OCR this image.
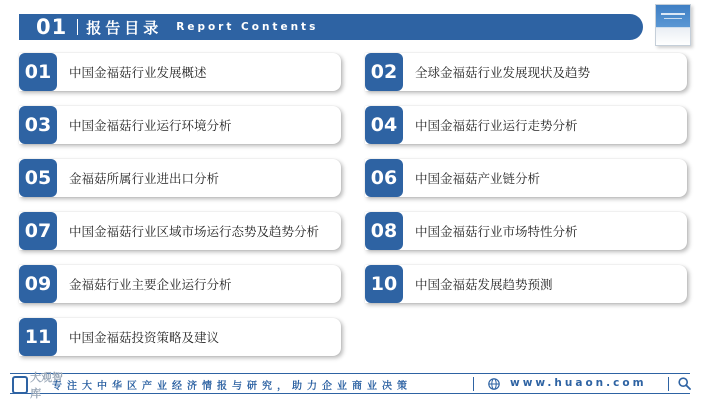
01 报告目录 Report Contents
01	中国金福菇行业发展概述	02	全球金福菇行业发展现状及趋势
03	中国金福菇行业运行环境分析	04	中国金福菇行业运行走势分析
05	金福菇所属行业进出口分析	06	中国金福菇产业链分析
07	中国金福菇行业区域市场运行态势及趋势分析	08	中国金福菇行业市场特性分析
09	金福菇行业主要企业运行分析	10	中国金福菇发展趋势预测
11	中国金福菇投资策略及建议
大观智库
专注大中华区产业经济情报与研究，助力企业商业决策	www.huaon.com
